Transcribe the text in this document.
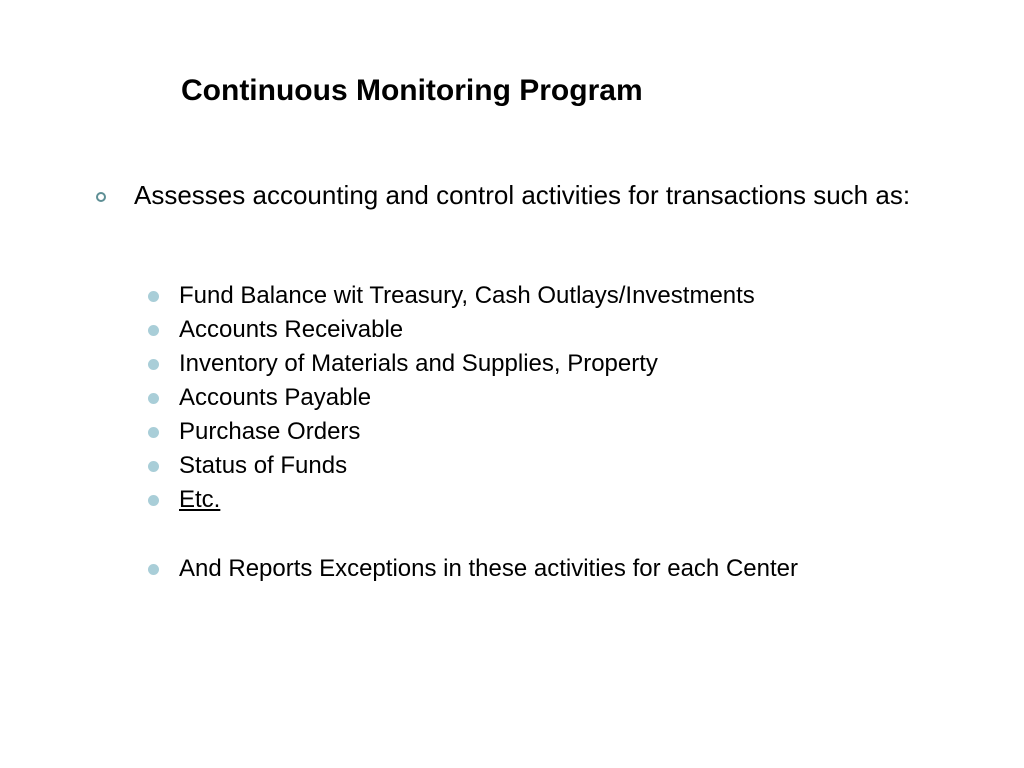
Continuous Monitoring Program
Assesses accounting and control activities for transactions such as:
Fund Balance wit Treasury, Cash Outlays/Investments
Accounts Receivable
Inventory of Materials and Supplies, Property
Accounts Payable
Purchase Orders
Status of Funds
Etc.
And Reports Exceptions in these activities for each Center
